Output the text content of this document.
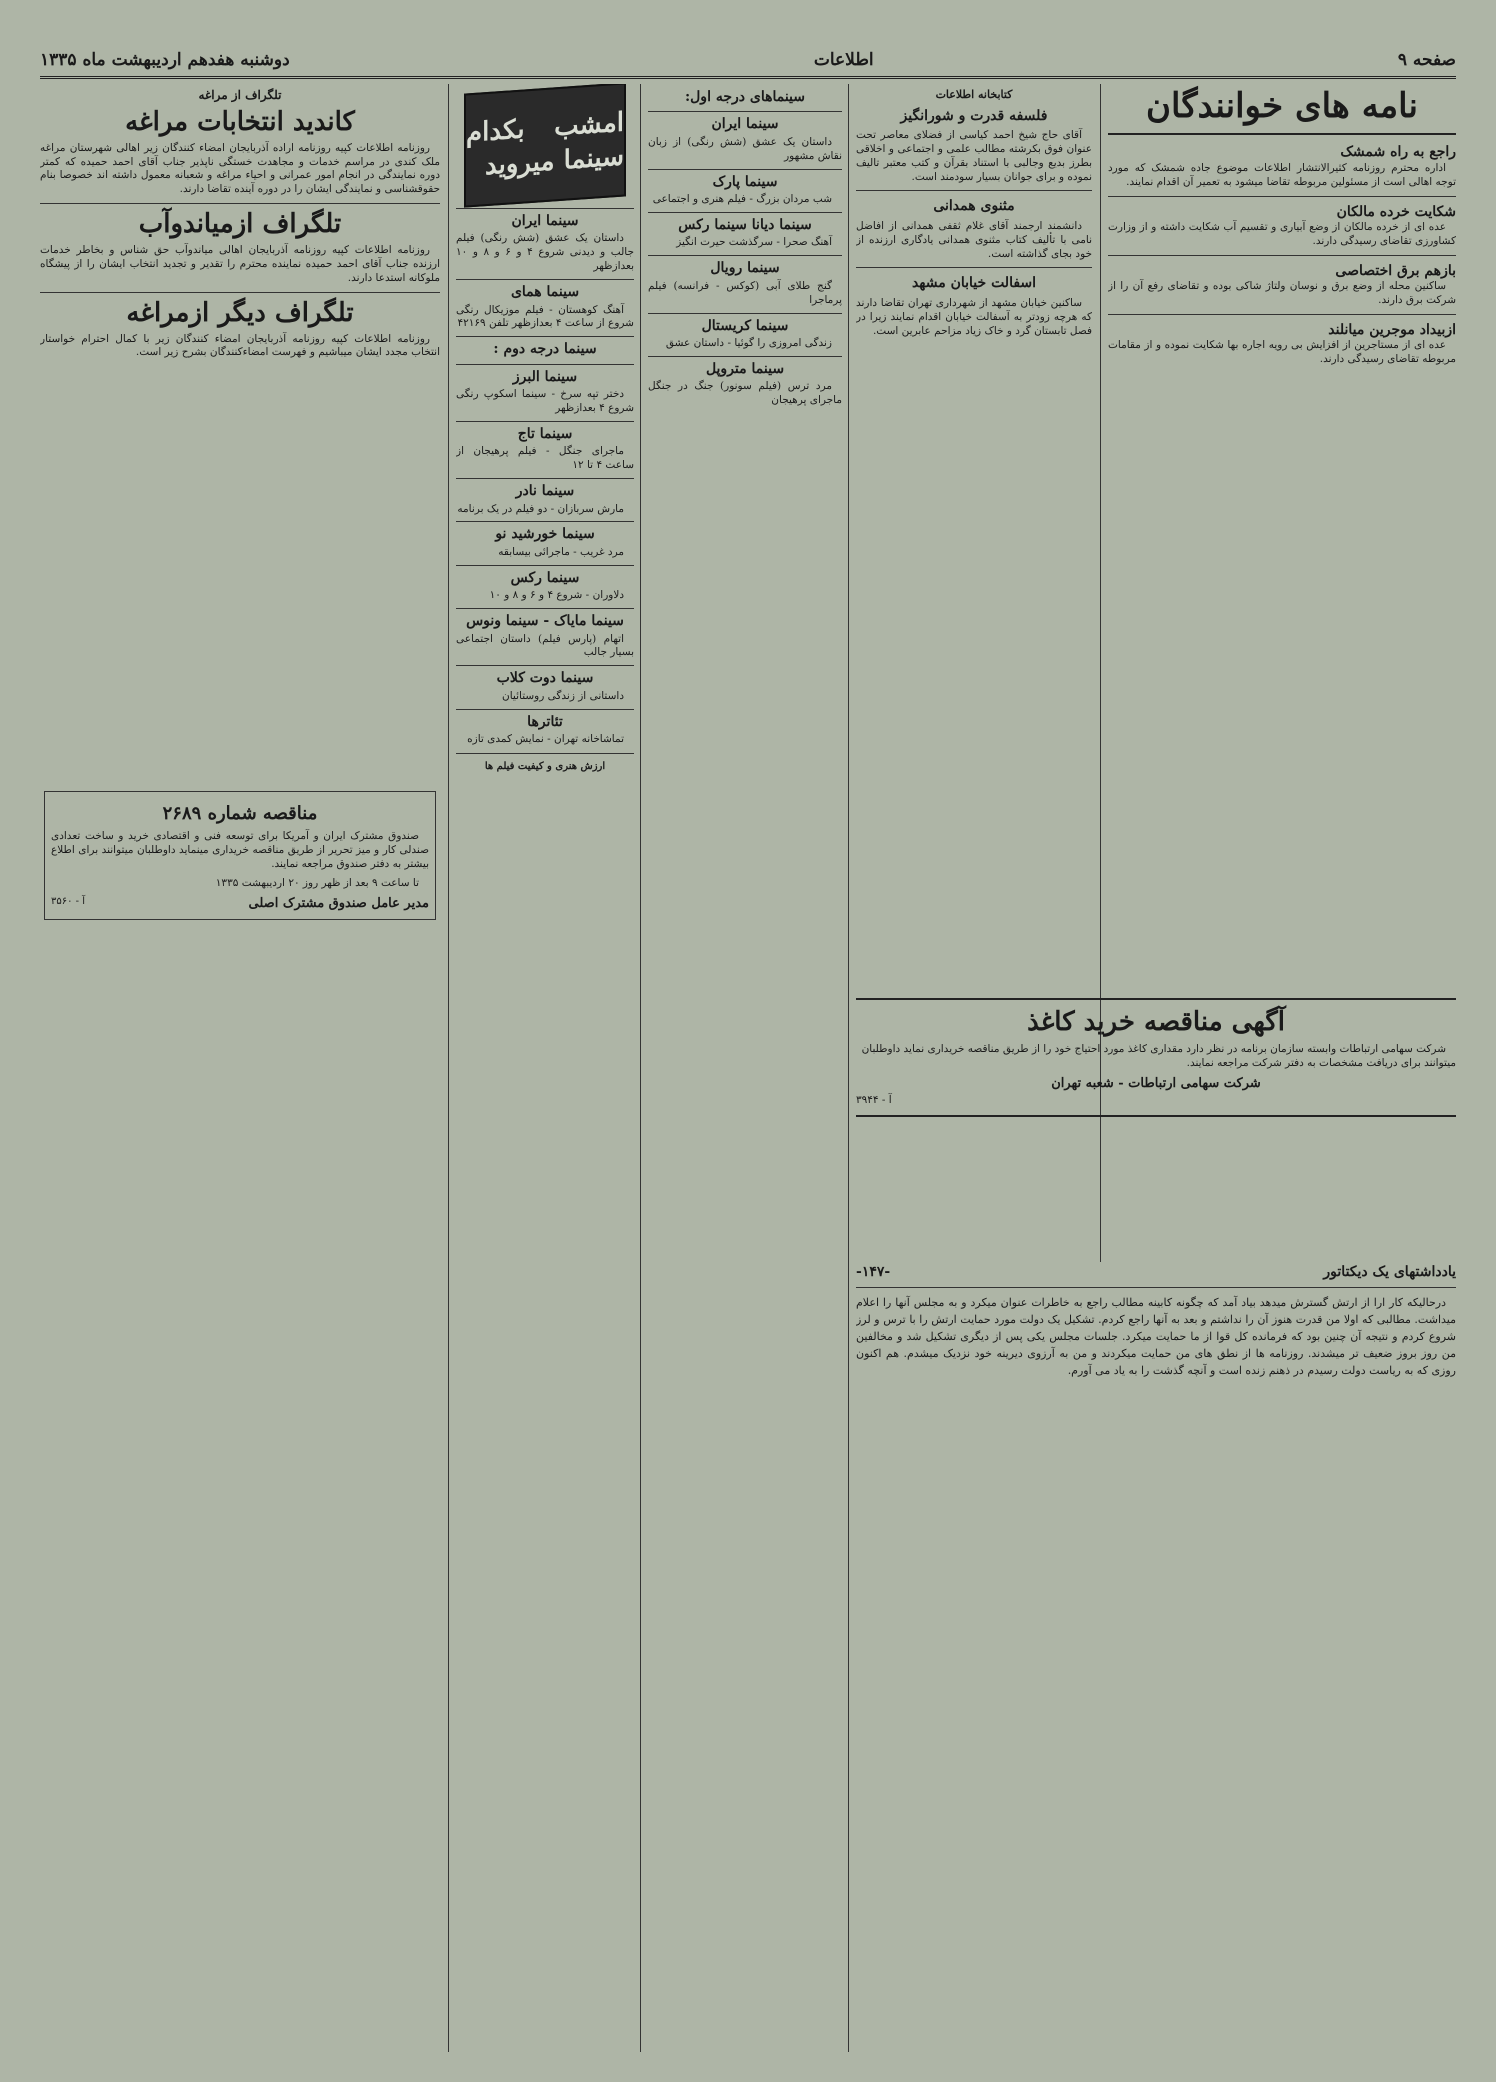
صفحه ۹
اطلاعات
دوشنبه هفدهم اردیبهشت ماه ۱۳۳۵
نامه های خوانندگان
راجع به راه شمشک

اداره محترم روزنامه کثیرالانتشار اطلاعات موضوع جاده شمشک که مورد توجه اهالی است از مسئولین مربوطه تقاضا میشود به تعمیر آن اقدام نمایند.

شکایت خرده مالکان

عده ای از خرده مالکان از وضع آبیاری و تقسیم آب شکایت داشته و از وزارت کشاورزی تقاضای رسیدگی دارند.

بازهم برق اختصاصی

ساکنین محله از وضع برق و نوسان ولتاژ شاکی بوده و تقاضای رفع آن را از شرکت برق دارند.

ازبیداد موجرین میانلند

عده ای از مستاجرین از افزایش بی رویه اجاره بها شکایت نموده و از مقامات مربوطه تقاضای رسیدگی دارند.

کتابخانه اطلاعات
فلسفه قدرت و شورانگیز

آقای حاج شیخ احمد کیاسی از فضلای معاصر تحت عنوان فوق بکرشته مطالب علمی و اجتماعی و اخلاقی بطرز بدیع وجالبی با استناد بقرآن و کتب معتبر تالیف نموده و برای جوانان بسیار سودمند است.

مثنوی همدانی

دانشمند ارجمند آقای غلام ثقفی همدانی از افاضل نامی با تألیف کتاب مثنوی همدانی یادگاری ارزنده از خود بجای گذاشته است.

اسفالت خیابان مشهد

ساکنین خیابان مشهد از شهرداری تهران تقاضا دارند که هرچه زودتر به آسفالت خیابان اقدام نمایند زیرا در فصل تابستان گرد و خاک زیاد مزاحم عابرین است.

آگهی مناقصه خرید کاغذ

شرکت سهامی ارتباطات وابسته سازمان برنامه در نظر دارد مقداری کاغذ مورد احتیاج خود را از طریق مناقصه خریداری نماید داوطلبان میتوانند برای دریافت مشخصات به دفتر شرکت مراجعه نمایند.

شرکت سهامی ارتباطات - شعبه تهران
آ - ۳۹۴۴
یادداشتهای یک دیکتاتور
-۱۴۷-

درحالیکه کار ارا از ارتش گسترش میدهد بیاد آمد که چگونه کابینه مطالب راجع به خاطرات عنوان میکرد و به مجلس آنها را اعلام میداشت. مطالبی که اولا من قدرت هنوز آن را نداشتم و بعد به آنها راجع کردم. تشکیل یک دولت مورد حمایت ارتش را با ترس و لرز شروع کردم و نتیجه آن چنین بود که فرمانده کل قوا از ما حمایت میکرد. جلسات مجلس یکی پس از دیگری تشکیل شد و مخالفین من روز بروز ضعیف تر میشدند. روزنامه ها از نطق های من حمایت میکردند و من به آرزوی دیرینه خود نزدیک میشدم. هم اکنون روزی که به ریاست دولت رسیدم در ذهنم زنده است و آنچه گذشت را به یاد می آورم.

سینماهای درجه اول:
سینما ایران

داستان یک عشق (شش رنگی) از زبان نقاش مشهور

سینما پارک

شب مردان بزرگ - فیلم هنری و اجتماعی

سینما دیانا سینما رکس

آهنگ صحرا - سرگذشت حیرت انگیز

سینما رویال

گنج طلای آبی (کوکس - فرانسه) فیلم پرماجرا

سینما کریستال

زندگی امروزی را گوئیا - داستان عشق

سینما متروپل

مرد ترس (فیلم سونور) جنگ در جنگل ماجرای پرهیجان

امشب بکدام سینما میروید
سینما ایران

داستان یک عشق (شش رنگی) فیلم جالب و دیدنی شروع ۴ و ۶ و ۸ و ۱۰ بعدازظهر

سینما همای

آهنگ کوهستان - فیلم موزیکال رنگی شروع از ساعت ۴ بعدازظهر تلفن ۴۲۱۶۹

سینما درجه دوم :

سینما البرز

دختر تپه سرخ - سینما اسکوپ رنگی شروع ۴ بعدازظهر

سینما تاج

ماجرای جنگل - فیلم پرهیجان از ساعت ۴ تا ۱۲

سینما نادر

مارش سربازان - دو فیلم در یک برنامه

سینما خورشید نو

مرد غریب - ماجرائی بیسابقه

سینما رکس

دلاوران - شروع ۴ و ۶ و ۸ و ۱۰

سینما مایاک - سینما ونوس

اتهام (پارس فیلم) داستان اجتماعی بسیار جالب

سینما دوت کلاب

داستانی از زندگی روستائیان

تئاترها

تماشاخانه تهران - نمایش کمدی تازه

ارزش هنری و کیفیت فیلم ها
تلگراف از مراغه
کاندید انتخابات مراغه

روزنامه اطلاعات کپیه روزنامه اراده آذربایجان امضاء کنندگان زیر اهالی شهرستان مراغه ملک کندی در مراسم خدمات و مجاهدت خستگی ناپذیر جناب آقای احمد حمیده که کمتر دوره نمایندگی در انجام امور عمرانی و احیاء مراغه و شعبانه معمول داشته اند خصوصا بنام حقوقشناسی و نمایندگی ایشان را در دوره آینده تقاضا دارند.

تلگراف ازمیاندوآب

روزنامه اطلاعات کپیه روزنامه آذربایجان اهالی میاندوآب حق شناس و بخاطر خدمات ارزنده جناب آقای احمد حمیده نماینده محترم را تقدیر و تجدید انتخاب ایشان را از پیشگاه ملوکانه استدعا دارند.

تلگراف دیگر ازمراغه

روزنامه اطلاعات کپیه روزنامه آذربایجان امضاء کنندگان زیر با کمال احترام خواستار انتخاب مجدد ایشان میباشیم و فهرست امضاءکنندگان بشرح زیر است.

مناقصه شماره ۲۶۸۹

صندوق مشترک ایران و آمریکا برای توسعه فنی و اقتصادی خرید و ساخت تعدادی صندلی کار و میز تحریر از طریق مناقصه خریداری مینماید داوطلبان میتوانند برای اطلاع بیشتر به دفتر صندوق مراجعه نمایند.

تا ساعت ۹ بعد از ظهر روز ۲۰ اردیبهشت ۱۳۳۵

مدیر عامل صندوق مشترک اصلی
آ - ۳۵۶۰
